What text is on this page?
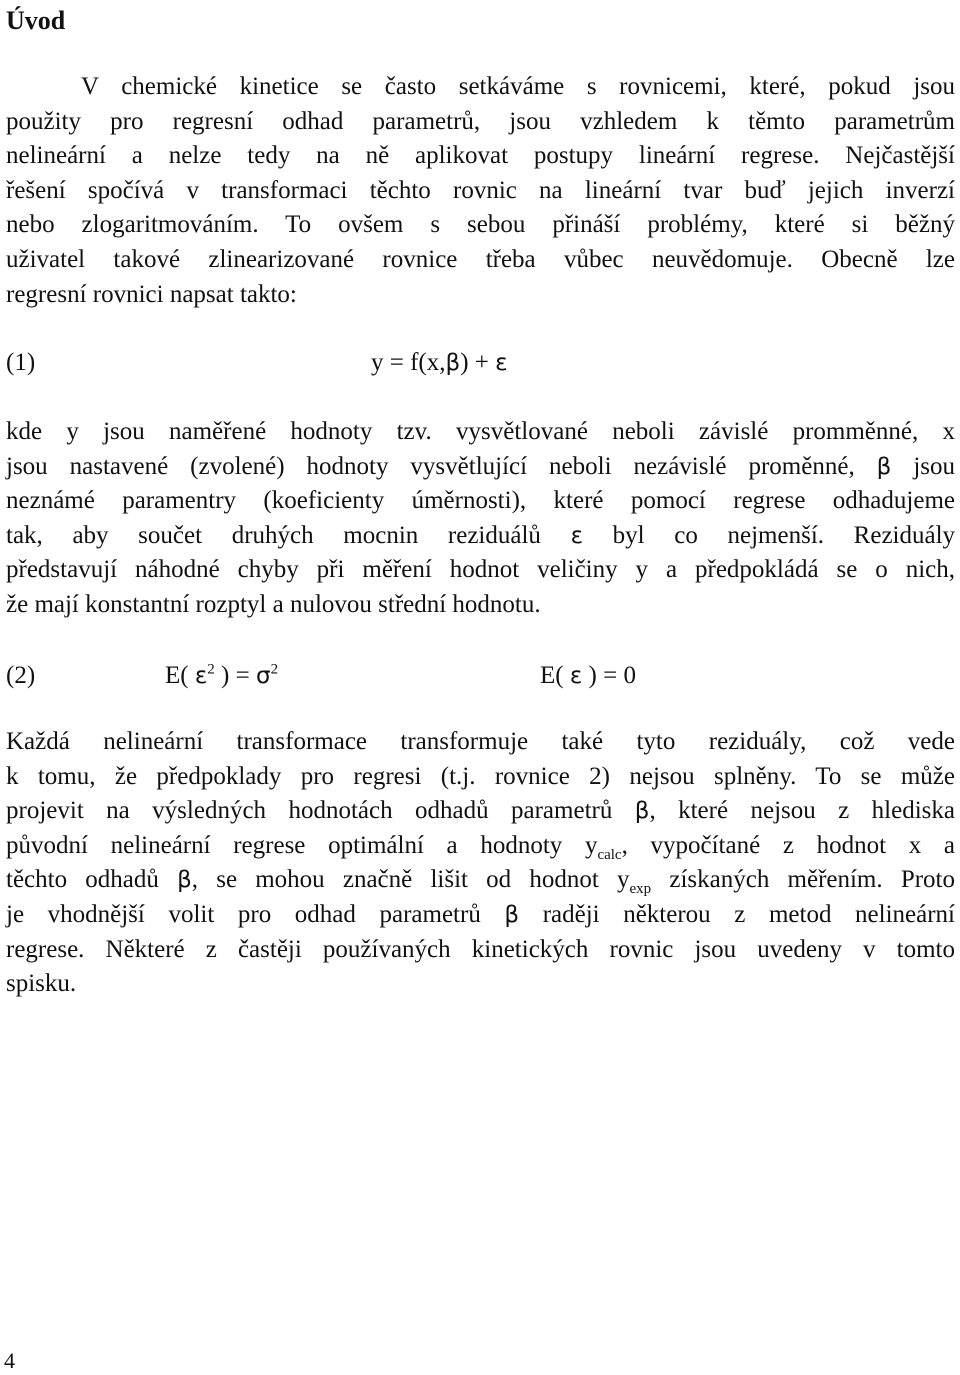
Úvod
V chemické kinetice se často setkáváme s rovnicemi, které, pokud jsou
použity pro regresní odhad parametrů, jsou vzhledem k těmto parametrům
nelineární a nelze tedy na ně aplikovat postupy lineární regrese. Nejčastější
řešení spočívá v transformaci těchto rovnic na lineární tvar buď jejich inverzí
nebo zlogaritmováním. To ovšem s sebou přináší problémy, které si běžný
uživatel takové zlinearizované rovnice třeba vůbec neuvědomuje. Obecně lze
regresní rovnici napsat takto:
(1)	y = f(x,β) + ε
kde y jsou naměřené hodnoty tzv. vysvětlované neboli závislé promměnné, x
jsou nastavené (zvolené) hodnoty vysvětlující neboli nezávislé proměnné, β jsou
neznámé paramentry (koeficienty úměrnosti), které pomocí regrese odhadujeme
tak, aby součet druhých mocnin reziduálů ε byl co nejmenší. Reziduály
představují náhodné chyby při měření hodnot veličiny y a předpokládá se o nich,
že mají konstantní rozptyl a nulovou střední hodnotu.
(2)	E( $\varepsilon^2$ ) = $\sigma^2$	E( ε ) = 0
Každá nelineární transformace transformuje také tyto reziduály, což vede
k tomu, že předpoklady pro regresi (t.j. rovnice 2) nejsou splněny. To se může
projevit na výsledných hodnotách odhadů parametrů β, které nejsou z hlediska
původní nelineární regrese optimální a hodnoty $y_{calc}$, vypočítané z hodnot x a
těchto odhadů β, se mohou značně lišit od hodnot $y_{exp}$ získaných měřením. Proto
je vhodnější volit pro odhad parametrů β raději některou z metod nelineární
regrese. Některé z častěji používaných kinetických rovnic jsou uvedeny v tomto
spisku.
4
